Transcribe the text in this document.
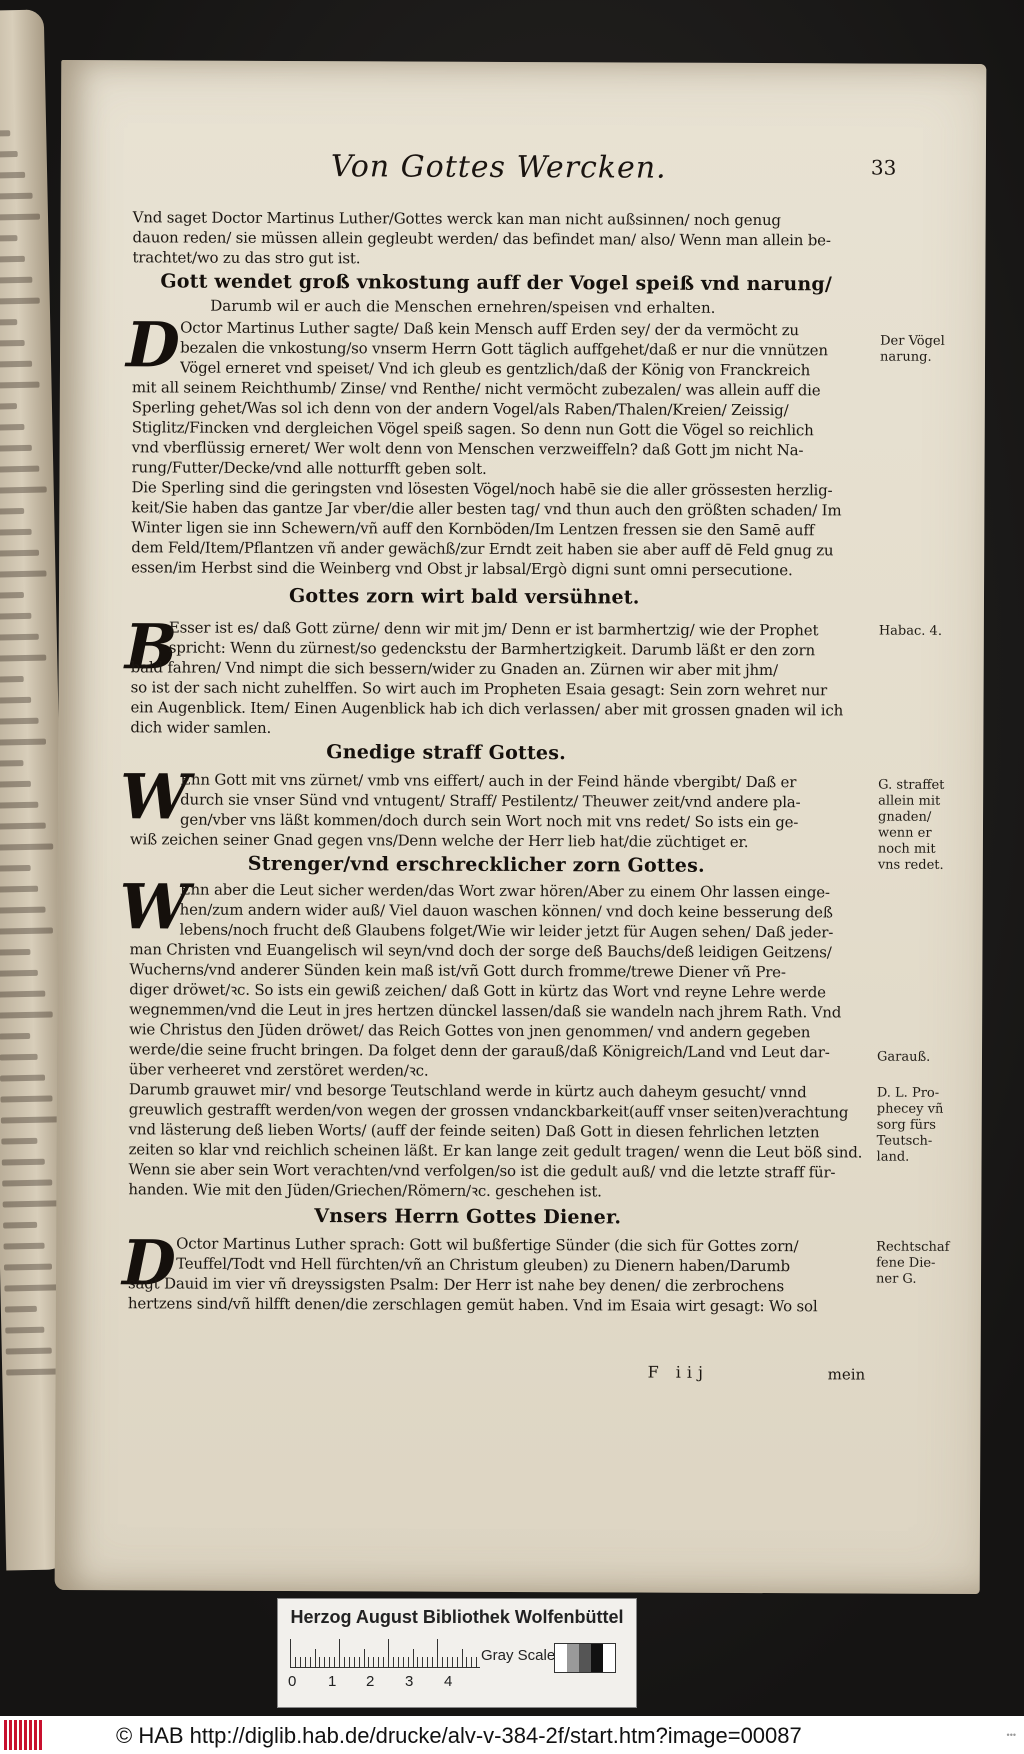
Von Gottes Wercken.	33
Vnd saget Doctor Martinus Luther/Gottes werck kan man nicht außsinnen/ noch genug
dauon reden/ sie müssen allein gegleubt werden/ das befindet man/ also/ Wenn man allein be-
trachtet/wo zu das stro gut ist.
Gott wendet groß vnkostung auff der Vogel speiß vnd narung/
Darumb wil er auch die Menschen ernehren/speisen vnd erhalten.
D Octor Martinus Luther sagte/ Daß kein Mensch auff Erden sey/ der da vermöcht zu
bezalen die vnkostung/so vnserm Herrn Gott täglich auffgehet/daß er nur die vnnützen
Vögel erneret vnd speiset/ Vnd ich gleub es gentzlich/daß der König von Franckreich
mit all seinem Reichthumb/ Zinse/ vnd Renthe/ nicht vermöcht zubezalen/ was allein auff die
Sperling gehet/Was sol ich denn von der andern Vogel/als Raben/Thalen/Kreien/ Zeissig/
Stiglitz/Fincken vnd dergleichen Vögel speiß sagen. So denn nun Gott die Vögel so reichlich
vnd vberflüssig erneret/ Wer wolt denn von Menschen verzweiffeln? daß Gott jm nicht Na-
rung/Futter/Decke/vnd alle notturfft geben solt.
Die Sperling sind die geringsten vnd lösesten Vögel/noch habē sie die aller grössesten herzlig-
keit/Sie haben das gantze Jar vber/die aller besten tag/ vnd thun auch den größten schaden/ Im
Winter ligen sie inn Schewern/vñ auff den Kornböden/Im Lentzen fressen sie den Samē auff
dem Feld/Item/Pflantzen vñ ander gewächß/zur Erndt zeit haben sie aber auff dē Feld gnug zu
essen/im Herbst sind die Weinberg vnd Obst jr labsal/Ergò digni sunt omni persecutione.
Der Vögel
narung.
Gottes zorn wirt bald versühnet.
B
Esser ist es/ daß Gott zürne/ denn wir mit jm/ Denn er ist barmhertzig/ wie der Prophet
spricht: Wenn du zürnest/so gedenckstu der Barmhertzigkeit. Darumb läßt er den zorn
bald fahren/ Vnd nimpt die sich bessern/wider zu Gnaden an. Zürnen wir aber mit jhm/
so ist der sach nicht zuhelffen. So wirt auch im Propheten Esaia gesagt: Sein zorn wehret nur
ein Augenblick. Item/ Einen Augenblick hab ich dich verlassen/ aber mit grossen gnaden wil ich
dich wider samlen.
Habac. 4.
Gnedige straff Gottes.
W
Enn Gott mit vns zürnet/ vmb vns eiffert/ auch in der Feind hände vbergibt/ Daß er
durch sie vnser Sünd vnd vntugent/ Straff/ Pestilentz/ Theuwer zeit/vnd andere pla-
gen/vber vns läßt kommen/doch durch sein Wort noch mit vns redet/ So ists ein ge-
wiß zeichen seiner Gnad gegen vns/Denn welche der Herr lieb hat/die züchtiget er.
G. straffet
allein mit
gnaden/
wenn er
noch mit
vns redet.
Strenger/vnd erschrecklicher zorn Gottes.
W
Enn aber die Leut sicher werden/das Wort zwar hören/Aber zu einem Ohr lassen einge-
hen/zum andern wider auß/ Viel dauon waschen können/ vnd doch keine besserung deß
lebens/noch frucht deß Glaubens folget/Wie wir leider jetzt für Augen sehen/ Daß jeder-
man Christen vnd Euangelisch wil seyn/vnd doch der sorge deß Bauchs/deß leidigen Geitzens/
Wucherns/vnd anderer Sünden kein maß ist/vñ Gott durch fromme/trewe Diener vñ Pre-
diger dröwet/ꝛc. So ists ein gewiß zeichen/ daß Gott in kürtz das Wort vnd reyne Lehre werde
wegnemmen/vnd die Leut in jres hertzen dünckel lassen/daß sie wandeln nach jhrem Rath. Vnd
wie Christus den Jüden dröwet/ das Reich Gottes von jnen genommen/ vnd andern gegeben
werde/die seine frucht bringen. Da folget denn der garauß/daß Königreich/Land vnd Leut dar-
über verheeret vnd zerstöret werden/ꝛc.
Darumb grauwet mir/ vnd besorge Teutschland werde in kürtz auch daheym gesucht/ vnnd
greuwlich gestrafft werden/von wegen der grossen vndanckbarkeit(auff vnser seiten)verachtung
vnd lästerung deß lieben Worts/ (auff der feinde seiten) Daß Gott in diesen fehrlichen letzten
zeiten so klar vnd reichlich scheinen läßt. Er kan lange zeit gedult tragen/ wenn die Leut böß sind.
Wenn sie aber sein Wort verachten/vnd verfolgen/so ist die gedult auß/ vnd die letzte straff für-
handen. Wie mit den Jüden/Griechen/Römern/ꝛc. geschehen ist.
Garauß.
D. L. Pro-
phecey vñ
sorg fürs
Teutsch-
land.
Vnsers Herrn Gottes Diener.
D Octor Martinus Luther sprach: Gott wil bußfertige Sünder (die sich für Gottes zorn/
Teuffel/Todt vnd Hell fürchten/vñ an Christum gleuben) zu Dienern haben/Darumb
sagt Dauid im vier vñ dreyssigsten Psalm: Der Herr ist nahe bey denen/ die zerbrochens
hertzens sind/vñ hilfft denen/die zerschlagen gemüt haben. Vnd im Esaia wirt gesagt: Wo sol
Rechtschaf
fene Die-
ner G.
F iij	mein
Herzog August Bibliothek Wolfenbüttel
0 1 2 3 4
Gray Scale
© HAB http://diglib.hab.de/drucke/alv-v-384-2f/start.htm?image=00087	•••
